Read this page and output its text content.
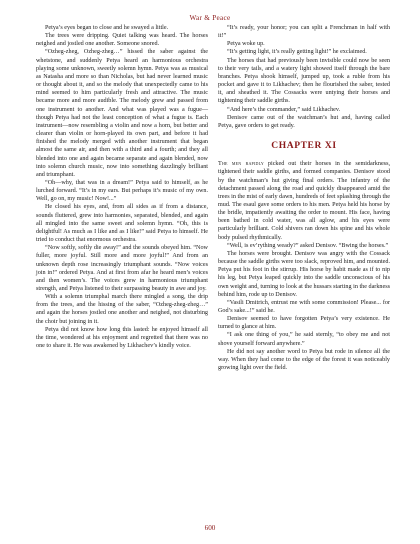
War & Peace

Petya’s eyes began to close and he swayed a little.

The trees were dripping. Quiet talking was heard. The horses neighed and jostled one another. Someone snored.

“Ozheg-zheg, Ozheg-zheg…” hissed the saber against the whetstone, and suddenly Petya heard an harmonious orchestra playing some unknown, sweetly solemn hymn. Petya was as musical as Natasha and more so than Nicholas, but had never learned music or thought about it, and so the melody that unexpectedly came to his mind seemed to him particularly fresh and attractive. The music became more and more audible. The melody grew and passed from one instrument to another. And what was played was a fugue—though Petya had not the least conception of what a fugue is. Each instrument—now resembling a violin and now a horn, but better and clearer than violin or horn-played its own part, and before it had finished the melody merged with another instrument that began almost the same air, and then with a third and a fourth; and they all blended into one and again became separate and again blended, now into solemn church music, now into something dazzlingly brilliant and triumphant.

“Oh—why, that was in a dream!” Petya said to himself, as he lurched forward. “It’s in my ears. But perhaps it’s music of my own. Well, go on, my music! Now!...”

He closed his eyes, and, from all sides as if from a distance, sounds fluttered, grew into harmonies, separated, blended, and again all mingled into the same sweet and solemn hymn. “Oh, this is delightful! As much as I like and as I like!” said Petya to himself. He tried to conduct that enormous orchestra.

“Now softly, softly die away!” and the sounds obeyed him. “Now fuller, more joyful. Still more and more joyful!” And from an unknown depth rose increasingly triumphant sounds. “Now voices join in!” ordered Petya. And at first from afar he heard men’s voices and then women’s. The voices grew in harmonious triumphant strength, and Petya listened to their surpassing beauty in awe and joy.

With a solemn triumphal march there mingled a song, the drip from the trees, and the hissing of the saber, “Ozheg-zheg-zheg…” and again the horses jostled one another and neighed, not disturbing the choir but joining in it.

Petya did not know how long this lasted: he enjoyed himself all the time, wondered at his enjoyment and regretted that there was no one to share it. He was awakened by Likhachev’s kindly voice.

“It’s ready, your honor; you can split a Frenchman in half with it!”

Petya woke up.

“It’s getting light, it’s really getting light!” he exclaimed.

The horses that had previously been invisible could now be seen to their very tails, and a watery light showed itself through the bare branches. Petya shook himself, jumped up, took a ruble from his pocket and gave it to Likhachev; then he flourished the saber, tested it, and sheathed it. The Cossacks were untying their horses and tightening their saddle girths.

“And here’s the commander,” said Likhachev.

Denisov came out of the watchman’s hut and, having called Petya, gave orders to get ready.

CHAPTER XI

The men rapidly picked out their horses in the semidarkness, tightened their saddle girths, and formed companies. Denisov stood by the watchman’s hut giving final orders. The infantry of the detachment passed along the road and quickly disappeared amid the trees in the mist of early dawn, hundreds of feet splashing through the mud. The esaul gave some orders to his men. Petya held his horse by the bridle, impatiently awaiting the order to mount. His face, having been bathed in cold water, was all aglow, and his eyes were particularly brilliant. Cold shivers ran down his spine and his whole body pulsed rhythmically.

“Well, is ev’rything weady?” asked Denisov. “Bwing the horses.”

The horses were brought. Denisov was angry with the Cossack because the saddle girths were too slack, reproved him, and mounted. Petya put his foot in the stirrup. His horse by habit made as if to nip his leg, but Petya leaped quickly into the saddle unconscious of his own weight and, turning to look at the hussars starting in the darkness behind him, rode up to Denisov.

“Vasili Dmitrich, entrust me with some commission! Please... for God’s sake...!” said he.

Denisov seemed to have forgotten Petya’s very existence. He turned to glance at him.

“I ask one thing of you,” he said sternly, “to obey me and not shove yourself forward anywhere.”

He did not say another word to Petya but rode in silence all the way. When they had come to the edge of the forest it was noticeably growing light over the field.

600
